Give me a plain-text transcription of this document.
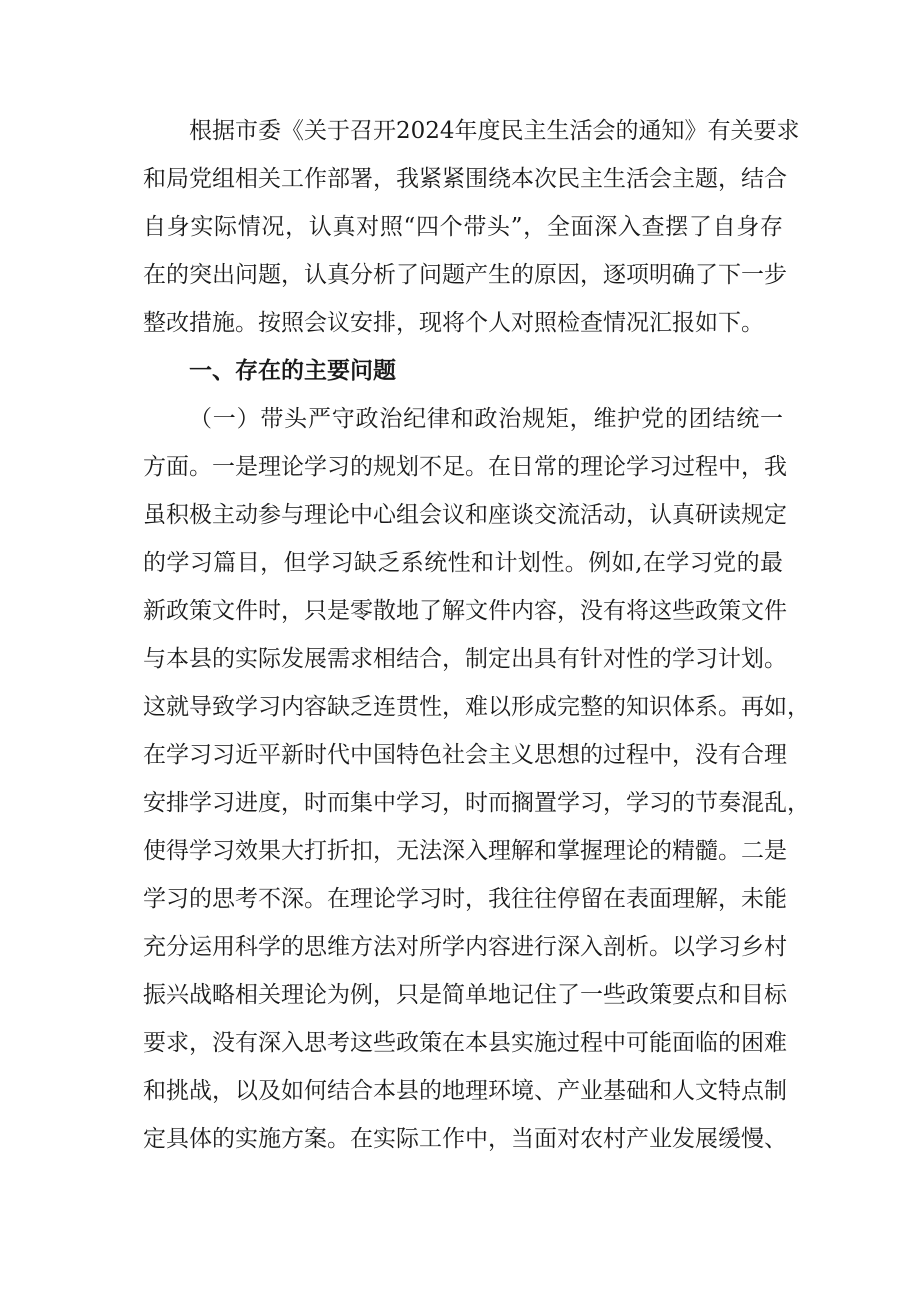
根据市委《关于召开2024年度民主生活会的通知》有关要求
和局党组相关工作部署，我紧紧围绕本次民主生活会主题，结合
自身实际情况，认真对照“四个带头”，全面深入查摆了自身存
在的突出问题，认真分析了问题产生的原因，逐项明确了下一步
整改措施。按照会议安排，现将个人对照检查情况汇报如下。
一、存在的主要问题
（一）带头严守政治纪律和政治规矩，维护党的团结统一
方面。一是理论学习的规划不足。在日常的理论学习过程中，我
虽积极主动参与理论中心组会议和座谈交流活动，认真研读规定
的学习篇目，但学习缺乏系统性和计划性。例如,在学习党的最
新政策文件时，只是零散地了解文件内容，没有将这些政策文件
与本县的实际发展需求相结合，制定出具有针对性的学习计划。
这就导致学习内容缺乏连贯性，难以形成完整的知识体系。再如，
在学习习近平新时代中国特色社会主义思想的过程中，没有合理
安排学习进度，时而集中学习，时而搁置学习，学习的节奏混乱，
使得学习效果大打折扣，无法深入理解和掌握理论的精髓。二是
学习的思考不深。在理论学习时，我往往停留在表面理解，未能
充分运用科学的思维方法对所学内容进行深入剖析。以学习乡村
振兴战略相关理论为例，只是简单地记住了一些政策要点和目标
要求，没有深入思考这些政策在本县实施过程中可能面临的困难
和挑战，以及如何结合本县的地理环境、产业基础和人文特点制
定具体的实施方案。在实际工作中，当面对农村产业发展缓慢、
